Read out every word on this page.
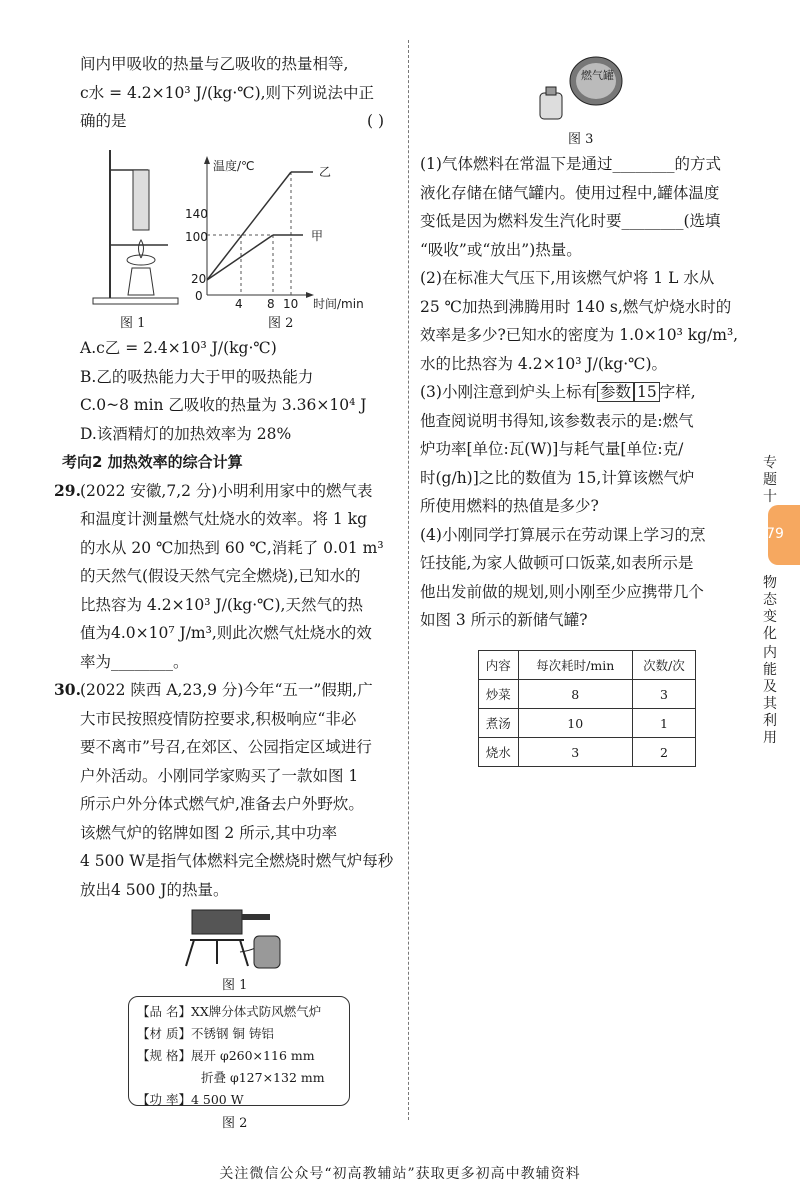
间内甲吸收的热量与乙吸收的热量相等,

c水 = 4.2×10³ J/(kg·℃),则下列说法中正

确的是	( )

图 1
温度/℃
时间/min
140
100
20
0
4 8 10
乙
甲
图 2

A.c乙 = 2.4×10³ J/(kg·℃)

B.乙的吸热能力大于甲的吸热能力

C.0~8 min 乙吸收的热量为 3.36×10⁴ J

D.该酒精灯的加热效率为 28%

考向2 加热效率的综合计算

29. (2022 安徽,7,2 分)小明利用家中的燃气表

和温度计测量燃气灶烧水的效率。将 1 kg

的水从 20 ℃加热到 60 ℃,消耗了 0.01 m³

的天然气(假设天然气完全燃烧),已知水的

比热容为 4.2×10³ J/(kg·℃),天然气的热

值为4.0×10⁷ J/m³,则此次燃气灶烧水的效

率为________。

30. (2022 陕西 A,23,9 分)今年“五一”假期,广

大市民按照疫情防控要求,积极响应“非必

要不离市”号召,在郊区、公园指定区域进行

户外活动。小刚同学家购买了一款如图 1

所示户外分体式燃气炉,准备去户外野炊。

该燃气炉的铭牌如图 2 所示,其中功率

4 500 W是指气体燃料完全燃烧时燃气炉每秒

放出4 500 J的热量。

图 1
【品 名】XX牌分体式防风燃气炉
【材 质】不锈钢 铜 铸铝
【规 格】展开 φ260×116 mm
折叠 φ127×132 mm
【功 率】4 500 W
图 2
燃气罐
图 3

(1)气体燃料在常温下是通过________的方式

液化存储在储气罐内。使用过程中,罐体温度

变低是因为燃料发生汽化时要________(选填

“吸收”或“放出”)热量。

(2)在标准大气压下,用该燃气炉将 1 L 水从

25 ℃加热到沸腾用时 140 s,燃气炉烧水时的

效率是多少?已知水的密度为 1.0×10³ kg/m³,

水的比热容为 4.2×10³ J/(kg·℃)。

(3)小刚注意到炉头上标有 参数 15 字样,

他查阅说明书得知,该参数表示的是:燃气

炉功率[单位:瓦(W)]与耗气量[单位:克/

时(g/h)]之比的数值为 15,计算该燃气炉

所使用燃料的热值是多少?

(4)小刚同学打算展示在劳动课上学习的烹

饪技能,为家人做顿可口饭菜,如表所示是

他出发前做的规划,则小刚至少应携带几个

如图 3 所示的新储气罐?

内容	每次耗时/min	次数/次
炒菜	8	3
煮汤	10	1
烧水	3	2
专题十
79
物态变化
内能及其利用
关注微信公众号“初高教辅站”获取更多初高中教辅资料
